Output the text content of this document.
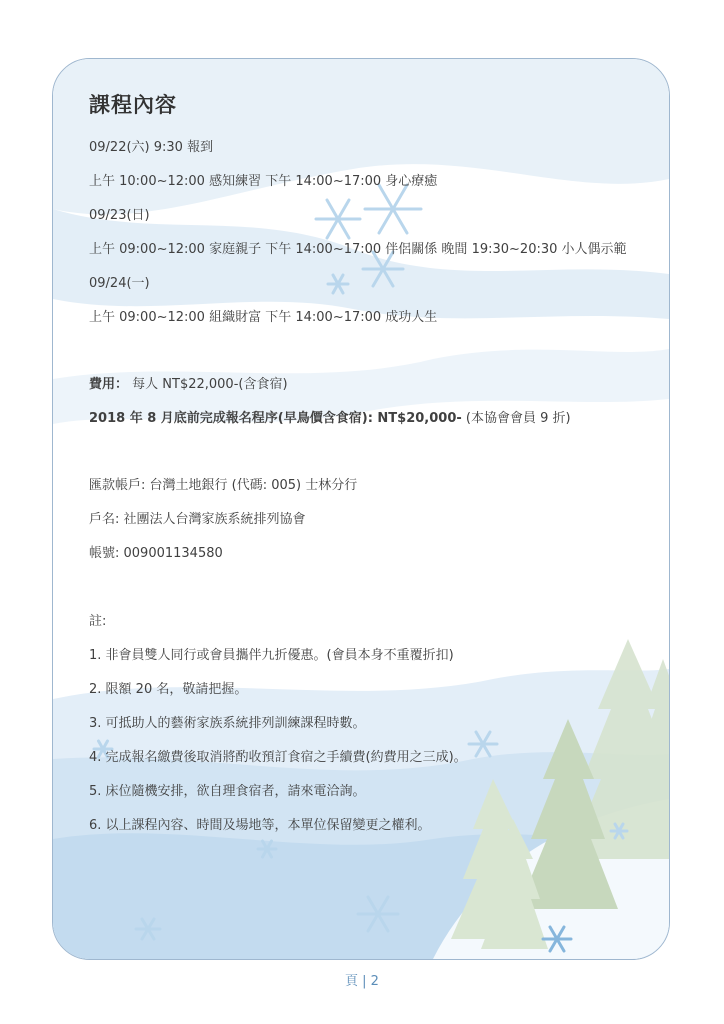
課程內容
09/22(六) 9:30 報到
上午 10:00~12:00 感知練習 下午 14:00~17:00 身心療癒
09/23(日)
上午 09:00~12:00 家庭親子 下午 14:00~17:00 伴侶關係 晚間 19:30~20:30 小人偶示範
09/24(一)
上午 09:00~12:00 組織財富 下午 14:00~17:00 成功人生
費用： 每人 NT$22,000-(含食宿)
2018 年 8 月底前完成報名程序(早鳥價含食宿): NT$20,000- (本協會會員 9 折)
匯款帳戶: 台灣土地銀行 (代碼: 005) 士林分行
戶名: 社團法人台灣家族系統排列協會
帳號: 009001134580
註:
1. 非會員雙人同行或會員攜伴九折優惠。(會員本身不重覆折扣)
2. 限額 20 名，敬請把握。
3. 可抵助人的藝術家族系統排列訓練課程時數。
4. 完成報名繳費後取消將酌收預訂食宿之手續費(約費用之三成)。
5. 床位隨機安排，欲自理食宿者，請來電洽詢。
6. 以上課程內容、時間及場地等，本單位保留變更之權利。
頁 | 2
